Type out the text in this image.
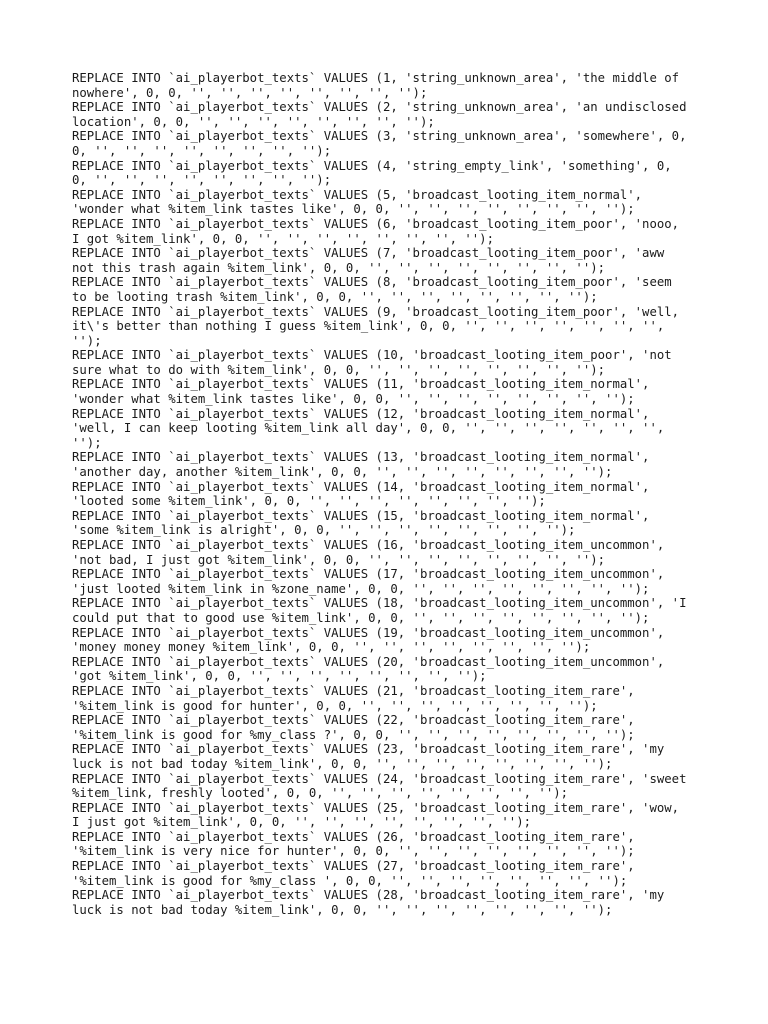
REPLACE INTO `ai_playerbot_texts` VALUES (1, 'string_unknown_area', 'the middle of
nowhere', 0, 0, '', '', '', '', '', '', '', '');
REPLACE INTO `ai_playerbot_texts` VALUES (2, 'string_unknown_area', 'an undisclosed
location', 0, 0, '', '', '', '', '', '', '', '');
REPLACE INTO `ai_playerbot_texts` VALUES (3, 'string_unknown_area', 'somewhere', 0,
0, '', '', '', '', '', '', '', '');
REPLACE INTO `ai_playerbot_texts` VALUES (4, 'string_empty_link', 'something', 0,
0, '', '', '', '', '', '', '', '');
REPLACE INTO `ai_playerbot_texts` VALUES (5, 'broadcast_looting_item_normal',
'wonder what %item_link tastes like', 0, 0, '', '', '', '', '', '', '', '');
REPLACE INTO `ai_playerbot_texts` VALUES (6, 'broadcast_looting_item_poor', 'nooo,
I got %item_link', 0, 0, '', '', '', '', '', '', '', '');
REPLACE INTO `ai_playerbot_texts` VALUES (7, 'broadcast_looting_item_poor', 'aww
not this trash again %item_link', 0, 0, '', '', '', '', '', '', '', '');
REPLACE INTO `ai_playerbot_texts` VALUES (8, 'broadcast_looting_item_poor', 'seem
to be looting trash %item_link', 0, 0, '', '', '', '', '', '', '', '');
REPLACE INTO `ai_playerbot_texts` VALUES (9, 'broadcast_looting_item_poor', 'well,
it\'s better than nothing I guess %item_link', 0, 0, '', '', '', '', '', '', '',
'');
REPLACE INTO `ai_playerbot_texts` VALUES (10, 'broadcast_looting_item_poor', 'not
sure what to do with %item_link', 0, 0, '', '', '', '', '', '', '', '');
REPLACE INTO `ai_playerbot_texts` VALUES (11, 'broadcast_looting_item_normal',
'wonder what %item_link tastes like', 0, 0, '', '', '', '', '', '', '', '');
REPLACE INTO `ai_playerbot_texts` VALUES (12, 'broadcast_looting_item_normal',
'well, I can keep looting %item_link all day', 0, 0, '', '', '', '', '', '', '',
'');
REPLACE INTO `ai_playerbot_texts` VALUES (13, 'broadcast_looting_item_normal',
'another day, another %item_link', 0, 0, '', '', '', '', '', '', '', '');
REPLACE INTO `ai_playerbot_texts` VALUES (14, 'broadcast_looting_item_normal',
'looted some %item_link', 0, 0, '', '', '', '', '', '', '', '');
REPLACE INTO `ai_playerbot_texts` VALUES (15, 'broadcast_looting_item_normal',
'some %item_link is alright', 0, 0, '', '', '', '', '', '', '', '');
REPLACE INTO `ai_playerbot_texts` VALUES (16, 'broadcast_looting_item_uncommon',
'not bad, I just got %item_link', 0, 0, '', '', '', '', '', '', '', '');
REPLACE INTO `ai_playerbot_texts` VALUES (17, 'broadcast_looting_item_uncommon',
'just looted %item_link in %zone_name', 0, 0, '', '', '', '', '', '', '', '');
REPLACE INTO `ai_playerbot_texts` VALUES (18, 'broadcast_looting_item_uncommon', 'I
could put that to good use %item_link', 0, 0, '', '', '', '', '', '', '', '');
REPLACE INTO `ai_playerbot_texts` VALUES (19, 'broadcast_looting_item_uncommon',
'money money money %item_link', 0, 0, '', '', '', '', '', '', '', '');
REPLACE INTO `ai_playerbot_texts` VALUES (20, 'broadcast_looting_item_uncommon',
'got %item_link', 0, 0, '', '', '', '', '', '', '', '');
REPLACE INTO `ai_playerbot_texts` VALUES (21, 'broadcast_looting_item_rare',
'%item_link is good for hunter', 0, 0, '', '', '', '', '', '', '', '');
REPLACE INTO `ai_playerbot_texts` VALUES (22, 'broadcast_looting_item_rare',
'%item_link is good for %my_class ?', 0, 0, '', '', '', '', '', '', '', '');
REPLACE INTO `ai_playerbot_texts` VALUES (23, 'broadcast_looting_item_rare', 'my
luck is not bad today %item_link', 0, 0, '', '', '', '', '', '', '', '');
REPLACE INTO `ai_playerbot_texts` VALUES (24, 'broadcast_looting_item_rare', 'sweet
%item_link, freshly looted', 0, 0, '', '', '', '', '', '', '', '');
REPLACE INTO `ai_playerbot_texts` VALUES (25, 'broadcast_looting_item_rare', 'wow,
I just got %item_link', 0, 0, '', '', '', '', '', '', '', '');
REPLACE INTO `ai_playerbot_texts` VALUES (26, 'broadcast_looting_item_rare',
'%item_link is very nice for hunter', 0, 0, '', '', '', '', '', '', '', '');
REPLACE INTO `ai_playerbot_texts` VALUES (27, 'broadcast_looting_item_rare',
'%item_link is good for %my_class ', 0, 0, '', '', '', '', '', '', '', '');
REPLACE INTO `ai_playerbot_texts` VALUES (28, 'broadcast_looting_item_rare', 'my
luck is not bad today %item_link', 0, 0, '', '', '', '', '', '', '', '');
